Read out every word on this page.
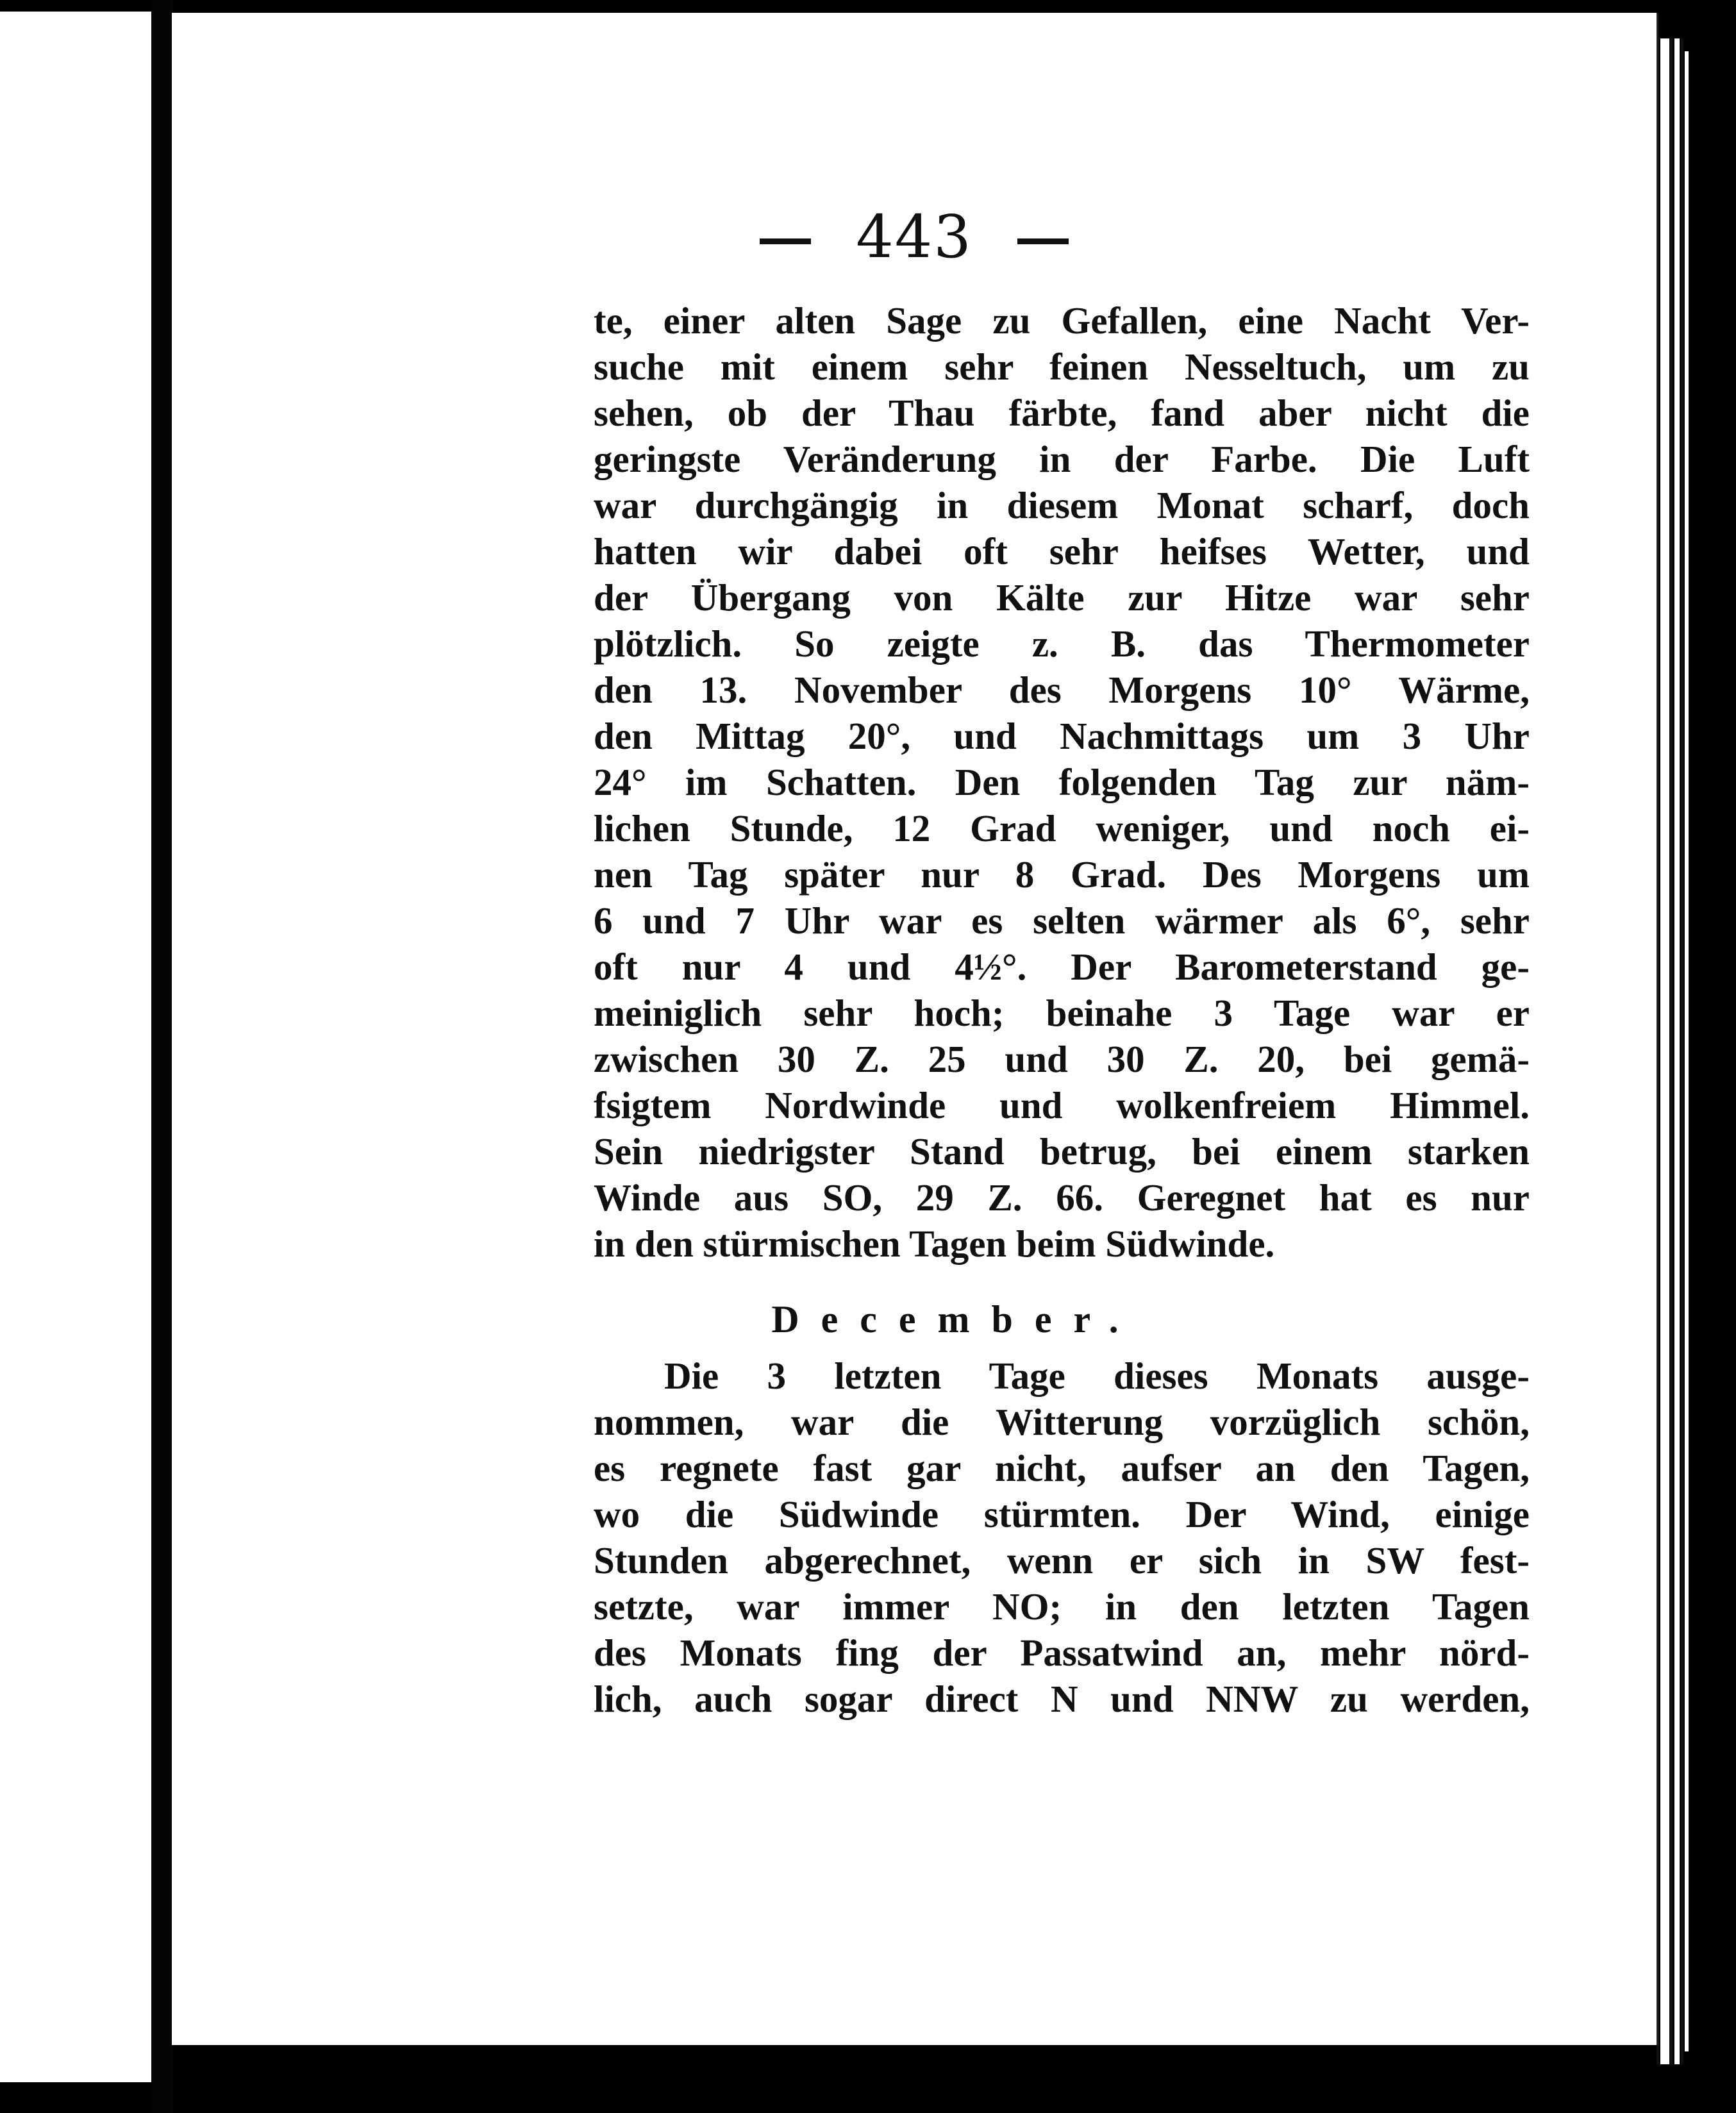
443
te, einer alten Sage zu Gefallen, eine Nacht Ver-
suche mit einem sehr feinen Nesseltuch, um zu
sehen, ob der Thau färbte, fand aber nicht die
geringste Veränderung in der Farbe. Die Luft
war durchgängig in diesem Monat scharf, doch
hatten wir dabei oft sehr heifses Wetter, und
der Übergang von Kälte zur Hitze war sehr
plötzlich. So zeigte z. B. das Thermometer
den 13. November des Morgens 10° Wärme,
den Mittag 20°, und Nachmittags um 3 Uhr
24° im Schatten. Den folgenden Tag zur näm-
lichen Stunde, 12 Grad weniger, und noch ei-
nen Tag später nur 8 Grad. Des Morgens um
6 und 7 Uhr war es selten wärmer als 6°, sehr
oft nur 4 und 4½°. Der Barometerstand ge-
meiniglich sehr hoch; beinahe 3 Tage war er
zwischen 30 Z. 25 und 30 Z. 20, bei gemä-
fsigtem Nordwinde und wolkenfreiem Himmel.
Sein niedrigster Stand betrug, bei einem starken
Winde aus SO, 29 Z. 66. Geregnet hat es nur
in den stürmischen Tagen beim Südwinde.
December.
Die 3 letzten Tage dieses Monats ausge-
nommen, war die Witterung vorzüglich schön,
es regnete fast gar nicht, aufser an den Tagen,
wo die Südwinde stürmten. Der Wind, einige
Stunden abgerechnet, wenn er sich in SW fest-
setzte, war immer NO; in den letzten Tagen
des Monats fing der Passatwind an, mehr nörd-
lich, auch sogar direct N und NNW zu werden,
